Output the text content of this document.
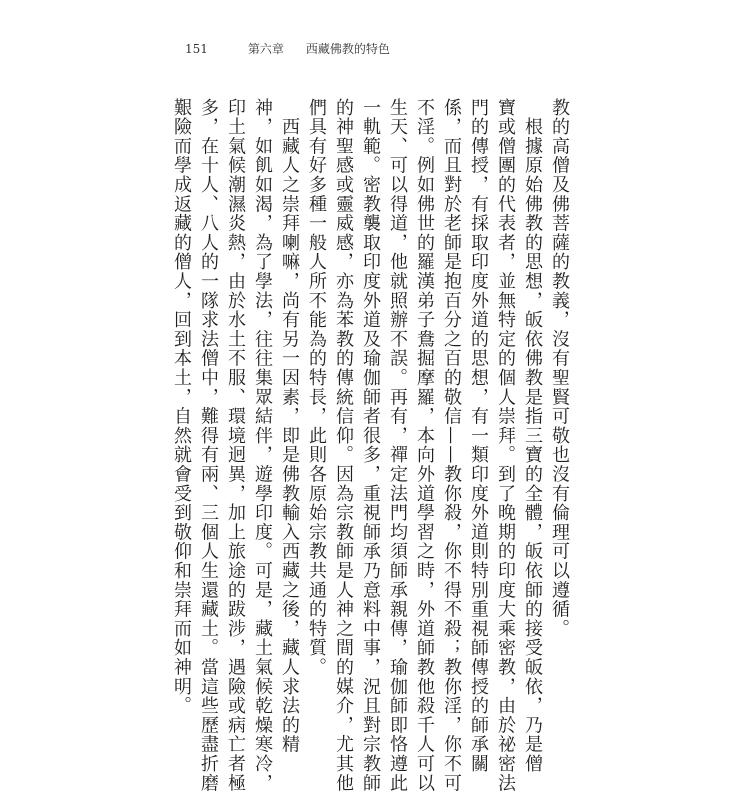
151	第六章 西藏佛教的特色
教的高僧及佛菩薩的教義，沒有聖賢可敬也沒有倫理可以遵循。
　根據原始佛教的思想，皈依佛教是指三寶的全體，皈依師的接受皈依，乃是僧
寶或僧團的代表者，並無特定的個人崇拜。到了晚期的印度大乘密教，由於祕密法
門的傳授，有採取印度外道的思想，有一類印度外道則特別重視師傳授的師承關
係，而且對於老師是抱百分之百的敬信——教你殺，你不得不殺；教你淫，你不可
不淫。例如佛世的羅漢弟子鴦掘摩羅，本向外道學習之時，外道師教他殺千人可以
生天、可以得道，他就照辦不誤。再有，禪定法門均須師承親傳，瑜伽師即恪遵此
一軌範。密教襲取印度外道及瑜伽師者很多，重視師承乃意料中事，況且對宗教師
的神聖感或靈威感，亦為苯教的傳統信仰。因為宗教師是人神之間的媒介，尤其他
們具有好多種一般人所不能為的特長，此則各原始宗教共通的特質。
　西藏人之崇拜喇嘛，尚有另一因素，即是佛教輸入西藏之後，藏人求法的精
神，如飢如渴，為了學法，往往集眾結伴，遊學印度。可是，藏土氣候乾燥寒冷，
印土氣候潮濕炎熱，由於水土不服、環境迥異，加上旅途的跋涉，遇險或病亡者極
多，在十人、八人的一隊求法僧中，難得有兩、三個人生還藏土。當這些歷盡折磨
艱險而學成返藏的僧人，回到本土，自然就會受到敬仰和崇拜而如神明。
